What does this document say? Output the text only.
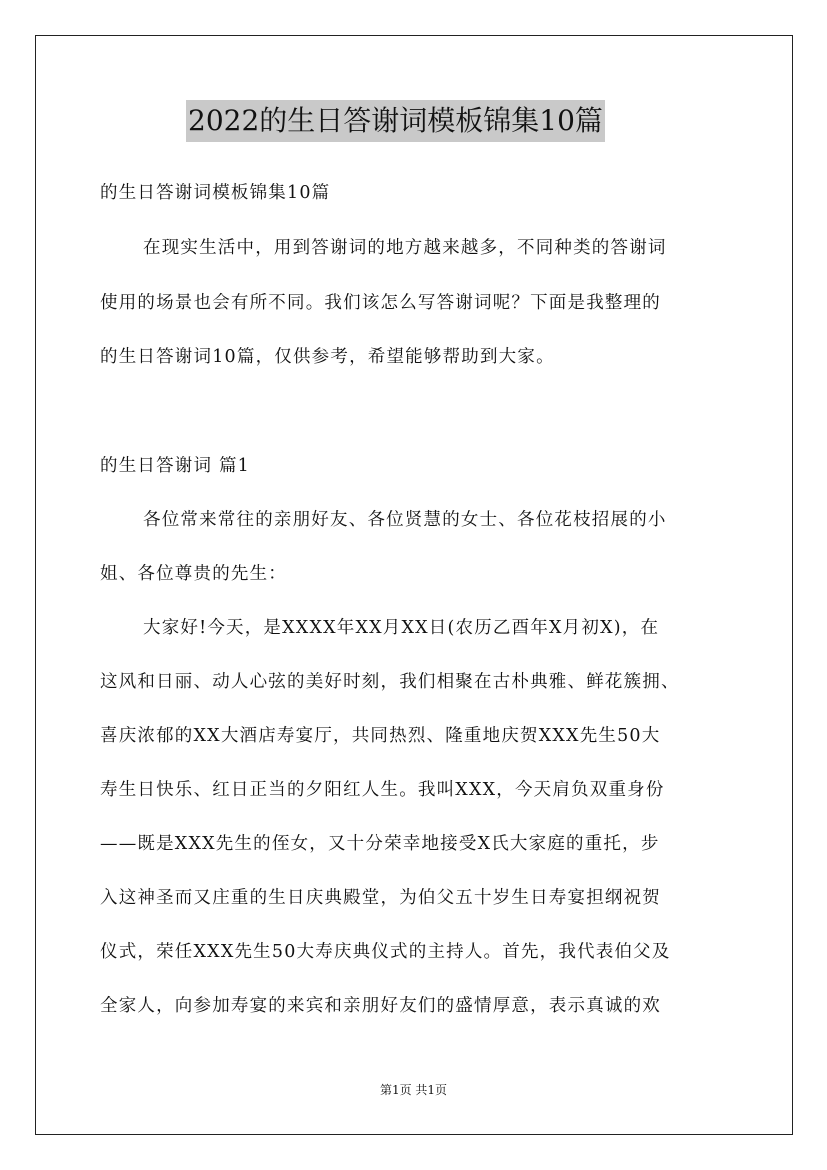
2022的生日答谢词模板锦集10篇
的生日答谢词模板锦集10篇
在现实生活中，用到答谢词的地方越来越多，不同种类的答谢词
使用的场景也会有所不同。我们该怎么写答谢词呢？下面是我整理的
的生日答谢词10篇，仅供参考，希望能够帮助到大家。
的生日答谢词 篇1
各位常来常往的亲朋好友、各位贤慧的女士、各位花枝招展的小
姐、各位尊贵的先生：
大家好!今天，是XXXX年XX月XX日(农历乙酉年X月初X)，在
这风和日丽、动人心弦的美好时刻，我们相聚在古朴典雅、鲜花簇拥、
喜庆浓郁的XX大酒店寿宴厅，共同热烈、隆重地庆贺XXX先生50大
寿生日快乐、红日正当的夕阳红人生。我叫XXX，今天肩负双重身份
——既是XXX先生的侄女，又十分荣幸地接受X氏大家庭的重托，步
入这神圣而又庄重的生日庆典殿堂，为伯父五十岁生日寿宴担纲祝贺
仪式，荣任XXX先生50大寿庆典仪式的主持人。首先，我代表伯父及
全家人，向参加寿宴的来宾和亲朋好友们的盛情厚意，表示真诚的欢
第1页 共1页
